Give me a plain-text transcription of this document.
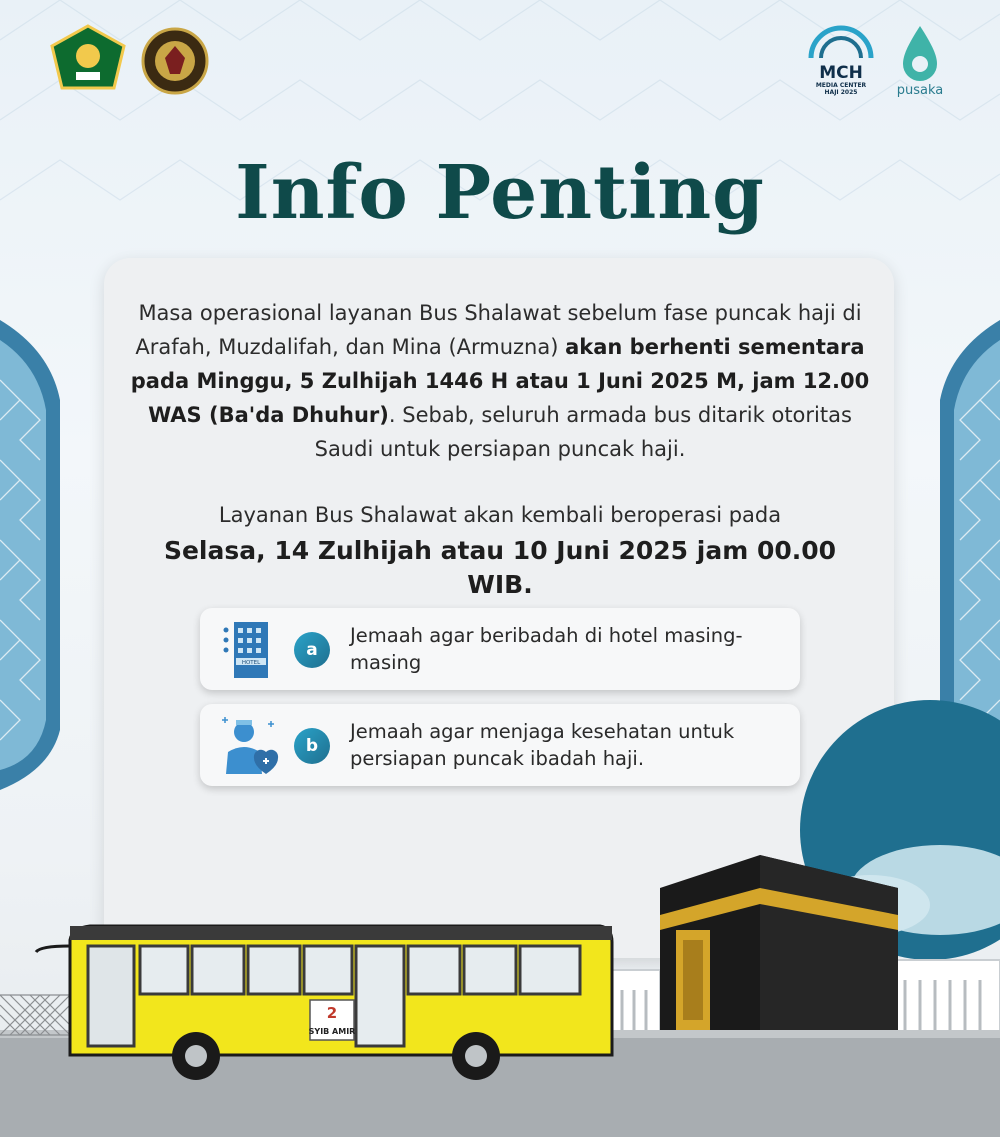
MCH
MEDIA CENTER
HAJI 2025	pusaka
Info Penting
Masa operasional layanan Bus Shalawat sebelum fase puncak haji di Arafah, Muzdalifah, dan Mina (Armuzna) akan berhenti sementara pada Minggu, 5 Zulhijah 1446 H atau 1 Juni 2025 M, jam 12.00 WAS (Ba'da Dhuhur). Sebab, seluruh armada bus ditarik otoritas Saudi untuk persiapan puncak haji.
Layanan Bus Shalawat akan kembali beroperasi pada
Selasa, 14 Zulhijah atau 10 Juni 2025 jam 00.00 WIB.
HOTEL
a
Jemaah agar beribadah di hotel masing-masing
b
Jemaah agar menjaga kesehatan untuk persiapan puncak ibadah haji.
2
SYIB AMIR
